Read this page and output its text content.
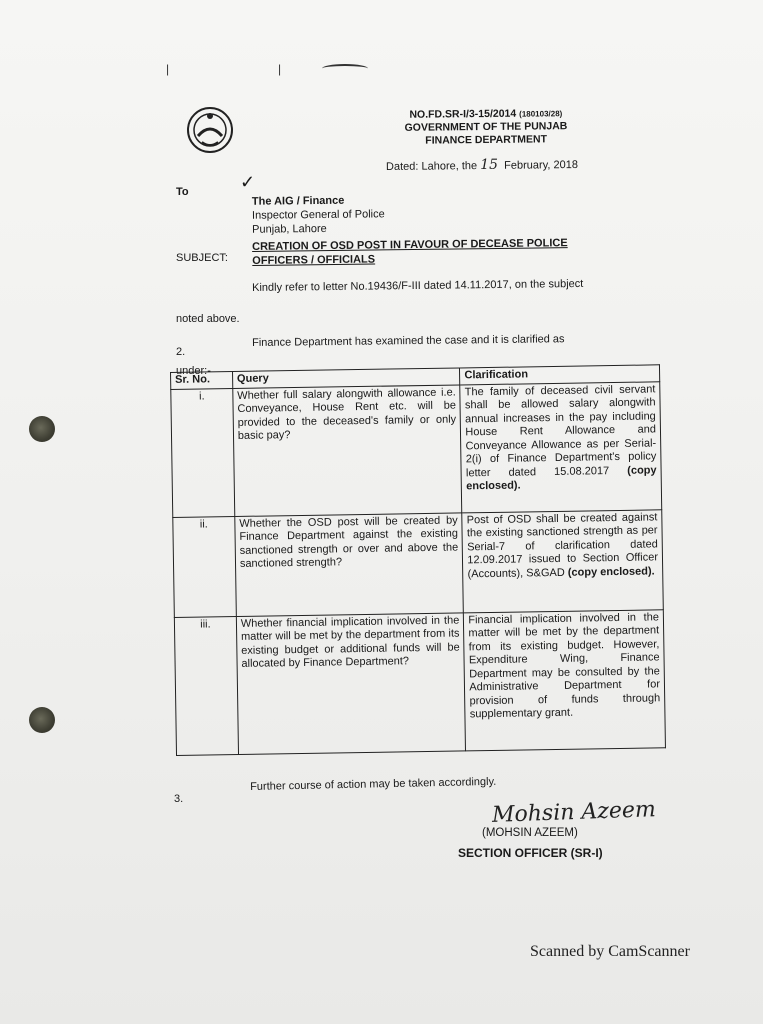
|	|
NO.FD.SR-I/3-15/2014 (180103/28)
GOVERNMENT OF THE PUNJAB
FINANCE DEPARTMENT
Dated: Lahore, the 15 February, 2018
To	✓
The AIG / Finance
Inspector General of Police
Punjab, Lahore
SUBJECT:
CREATION OF OSD POST IN FAVOUR OF DECEASE POLICE
OFFICERS / OFFICIALS
Kindly refer to letter No.19436/F-III dated 14.11.2017, on the subject
noted above.
2.
Finance Department has examined the case and it is clarified as
under:-
Sr. No.	Query	Clarification
i.	Whether full salary alongwith allowance i.e. Conveyance, House Rent etc. will be provided to the deceased's family or only basic pay?	The family of deceased civil servant shall be allowed salary alongwith annual increases in the pay including House Rent Allowance and Conveyance Allowance as per Serial-2(i) of Finance Department's policy letter dated 15.08.2017 (copy enclosed).
ii.	Whether the OSD post will be created by Finance Department against the existing sanctioned strength or over and above the sanctioned strength?	Post of OSD shall be created against the existing sanctioned strength as per Serial-7 of clarification dated 12.09.2017 issued to Section Officer (Accounts), S&GAD (copy enclosed).
iii.	Whether financial implication involved in the matter will be met by the department from its existing budget or additional funds will be allocated by Finance Department?	Financial implication involved in the matter will be met by the department from its existing budget. However, Expenditure Wing, Finance Department may be consulted by the Administrative Department for provision of funds through supplementary grant.
3.
Further course of action may be taken accordingly.
Mohsin Azeem
(MOHSIN AZEEM)
SECTION OFFICER (SR-I)
Scanned by CamScanner
